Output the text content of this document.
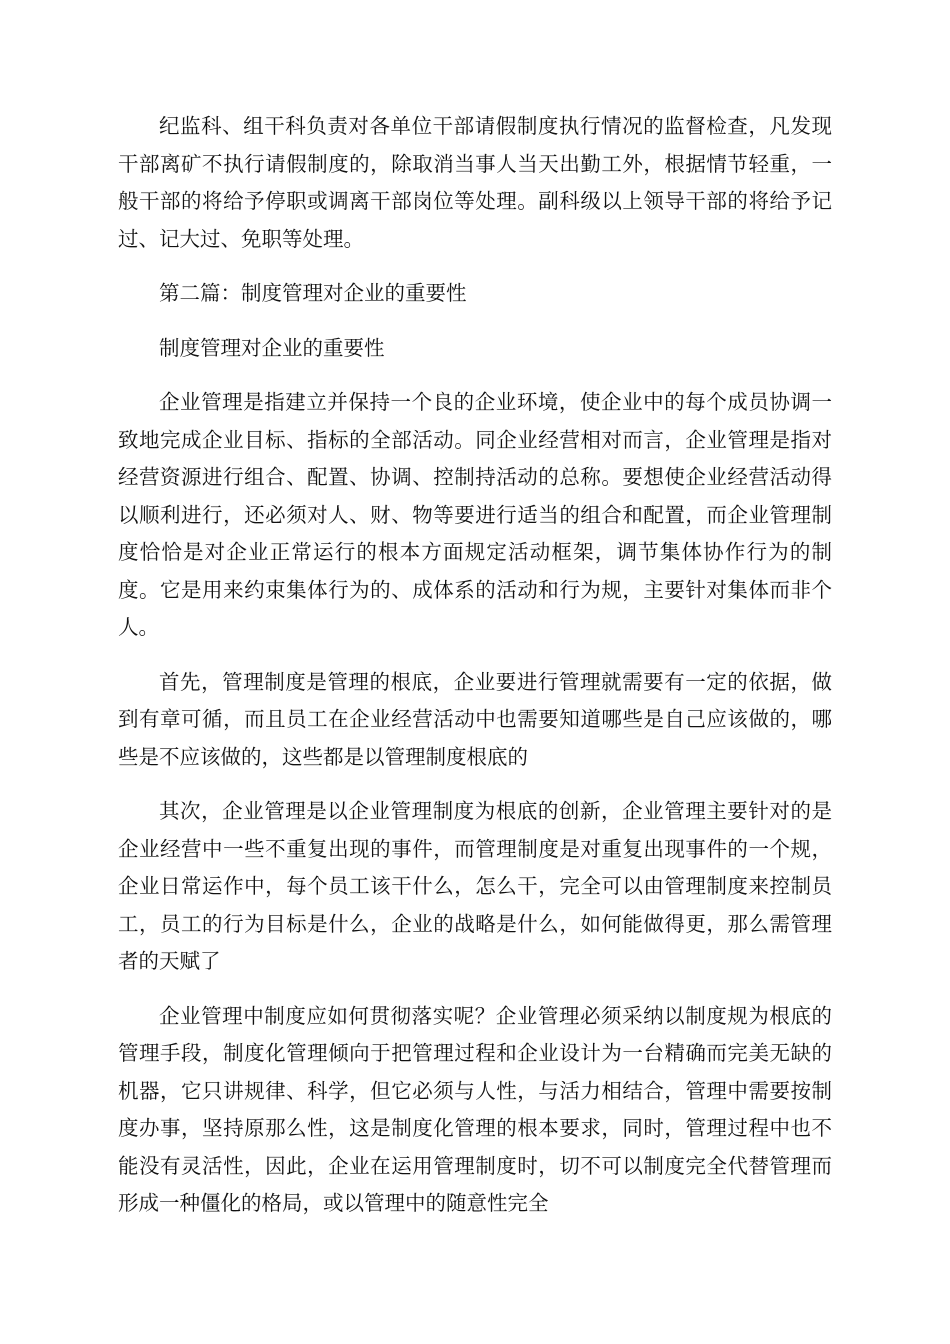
纪监科、组干科负责对各单位干部请假制度执行情况的监督检查，凡发现干部离矿不执行请假制度的，除取消当事人当天出勤工外，根据情节轻重，一般干部的将给予停职或调离干部岗位等处理。副科级以上领导干部的将给予记过、记大过、免职等处理。

第二篇：制度管理对企业的重要性

制度管理对企业的重要性

企业管理是指建立并保持一个良的企业环境，使企业中的每个成员协调一致地完成企业目标、指标的全部活动。同企业经营相对而言，企业管理是指对经营资源进行组合、配置、协调、控制持活动的总称。要想使企业经营活动得以顺利进行，还必须对人、财、物等要进行适当的组合和配置，而企业管理制度恰恰是对企业正常运行的根本方面规定活动框架，调节集体协作行为的制度。它是用来约束集体行为的、成体系的活动和行为规，主要针对集体而非个人。

首先，管理制度是管理的根底，企业要进行管理就需要有一定的依据，做到有章可循，而且员工在企业经营活动中也需要知道哪些是自己应该做的，哪些是不应该做的，这些都是以管理制度根底的

其次，企业管理是以企业管理制度为根底的创新，企业管理主要针对的是企业经营中一些不重复出现的事件，而管理制度是对重复出现事件的一个规，企业日常运作中，每个员工该干什么，怎么干，完全可以由管理制度来控制员工，员工的行为目标是什么，企业的战略是什么，如何能做得更，那么需管理者的天赋了

企业管理中制度应如何贯彻落实呢？企业管理必须采纳以制度规为根底的管理手段，制度化管理倾向于把管理过程和企业设计为一台精确而完美无缺的机器，它只讲规律、科学，但它必须与人性，与活力相结合，管理中需要按制度办事，坚持原那么性，这是制度化管理的根本要求，同时，管理过程中也不能没有灵活性，因此，企业在运用管理制度时，切不可以制度完全代替管理而形成一种僵化的格局，或以管理中的随意性完全
